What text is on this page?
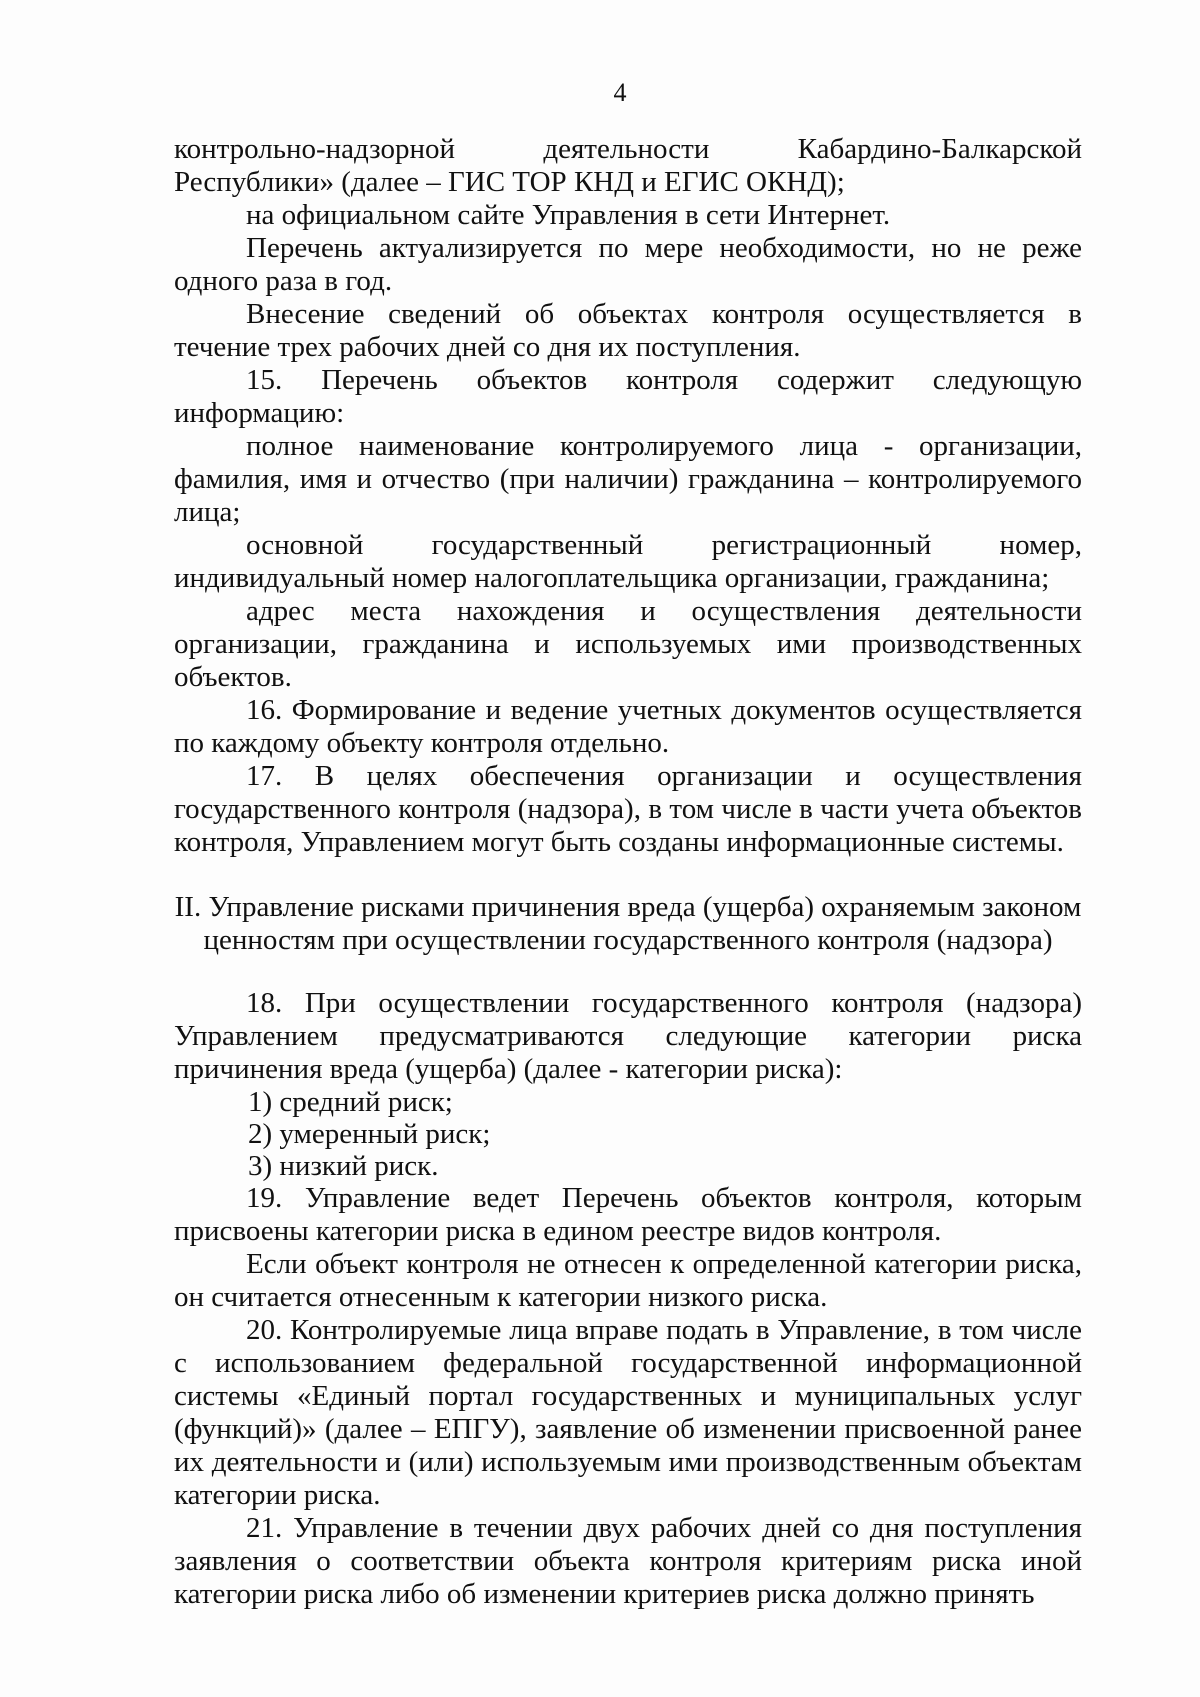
4

контрольно-надзорной деятельности Кабардино-Балкарской Республики» (далее – ГИС ТОР КНД и ЕГИС ОКНД);

на официальном сайте Управления в сети Интернет.

Перечень актуализируется по мере необходимости, но не реже одного раза в год.

Внесение сведений об объектах контроля осуществляется в течение трех рабочих дней со дня их поступления.

15. Перечень объектов контроля содержит следующую информацию:

полное наименование контролируемого лица - организации, фамилия, имя и отчество (при наличии) гражданина – контролируемого лица;

основной государственный регистрационный номер, индивидуальный номер налогоплательщика организации, гражданина;

адрес места нахождения и осуществления деятельности организации, гражданина и используемых ими производственных объектов.

16. Формирование и ведение учетных документов осуществляется по каждому объекту контроля отдельно.

17. В целях обеспечения организации и осуществления государственного контроля (надзора), в том числе в части учета объектов контроля, Управлением могут быть созданы информационные системы.

II. Управление рисками причинения вреда (ущерба) охраняемым законом ценностям при осуществлении государственного контроля (надзора)

18. При осуществлении государственного контроля (надзора) Управлением предусматриваются следующие категории риска причинения вреда (ущерба) (далее - категории риска):

1) средний риск;

2) умеренный риск;

3) низкий риск.

19. Управление ведет Перечень объектов контроля, которым присвоены категории риска в едином реестре видов контроля.

Если объект контроля не отнесен к определенной категории риска, он считается отнесенным к категории низкого риска.

20. Контролируемые лица вправе подать в Управление, в том числе с использованием федеральной государственной информационной системы «Единый портал государственных и муниципальных услуг (функций)» (далее – ЕПГУ), заявление об изменении присвоенной ранее их деятельности и (или) используемым ими производственным объектам категории риска.

21. Управление в течении двух рабочих дней со дня поступления заявления о соответствии объекта контроля критериям риска иной категории риска либо об изменении критериев риска должно принять
